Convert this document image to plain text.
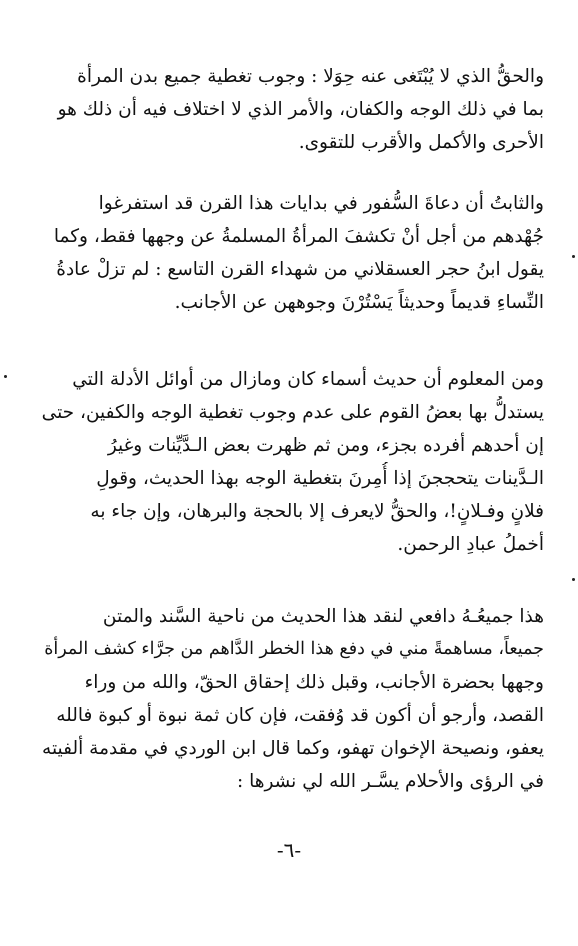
والحقُّ الذي لا يُبْتَغى عنه حِوَلا : وجوب تغطية جميع بدن المرأة
بما في ذلك الوجه والكفان، والأمر الذي لا اختلاف فيه أن ذلك هو
الأحرى والأكمل والأقرب للتقوى.
والثابتُ أن دعاةَ السُّفور في بدايات هذا القرن قد استفرغوا
جُهْدهم من أجل أنْ تكشفَ المرأةُ المسلمةُ عن وجهها فقط، وكما
يقول ابنُ حجر العسقلاني من شهداء القرن التاسع : لم تزلْ عادةُ
النِّساءِ قديماً وحديثاً يَسْتُرْنَ وجوههن عن الأجانب.
ومن المعلوم أن حديث أسماء كان ومازال من أوائل الأدلة التي
يستدلُّ بها بعضُ القوم على عدم وجوب تغطية الوجه والكفين، حتى
إن أحدهم أفرده بجزء، ومن ثم ظهرت بعض الـدَّيِّنات وغيرُ
الـدَّينات يتحججنَ إذا أُمِرنَ بتغطية الوجه بهذا الحديث، وقولِ
فلانٍ وفـلانٍ!، والحقُّ لايعرف إلا بالحجة والبرهان، وإن جاء به
أخملُ عبادِ الرحمن.
هذا جميعُـهُ دافعي لنقد هذا الحديث من ناحية السَّند والمتن
جميعاً، مساهمةً مني في دفع هذا الخطر الدَّاهم من جرَّاء كشف المرأة
وجهها بحضرة الأجانب، وقبل ذلك إحقاق الحقّ، والله من وراء
القصد، وأرجو أن أكون قد وُفقت، فإن كان ثمة نبوة أو كبوة فالله
يعفو، ونصيحة الإخوان تهفو، وكما قال ابن الوردي في مقدمة ألفيته
في الرؤى والأحلام يسَّـر الله لي نشرها :
-٦-
